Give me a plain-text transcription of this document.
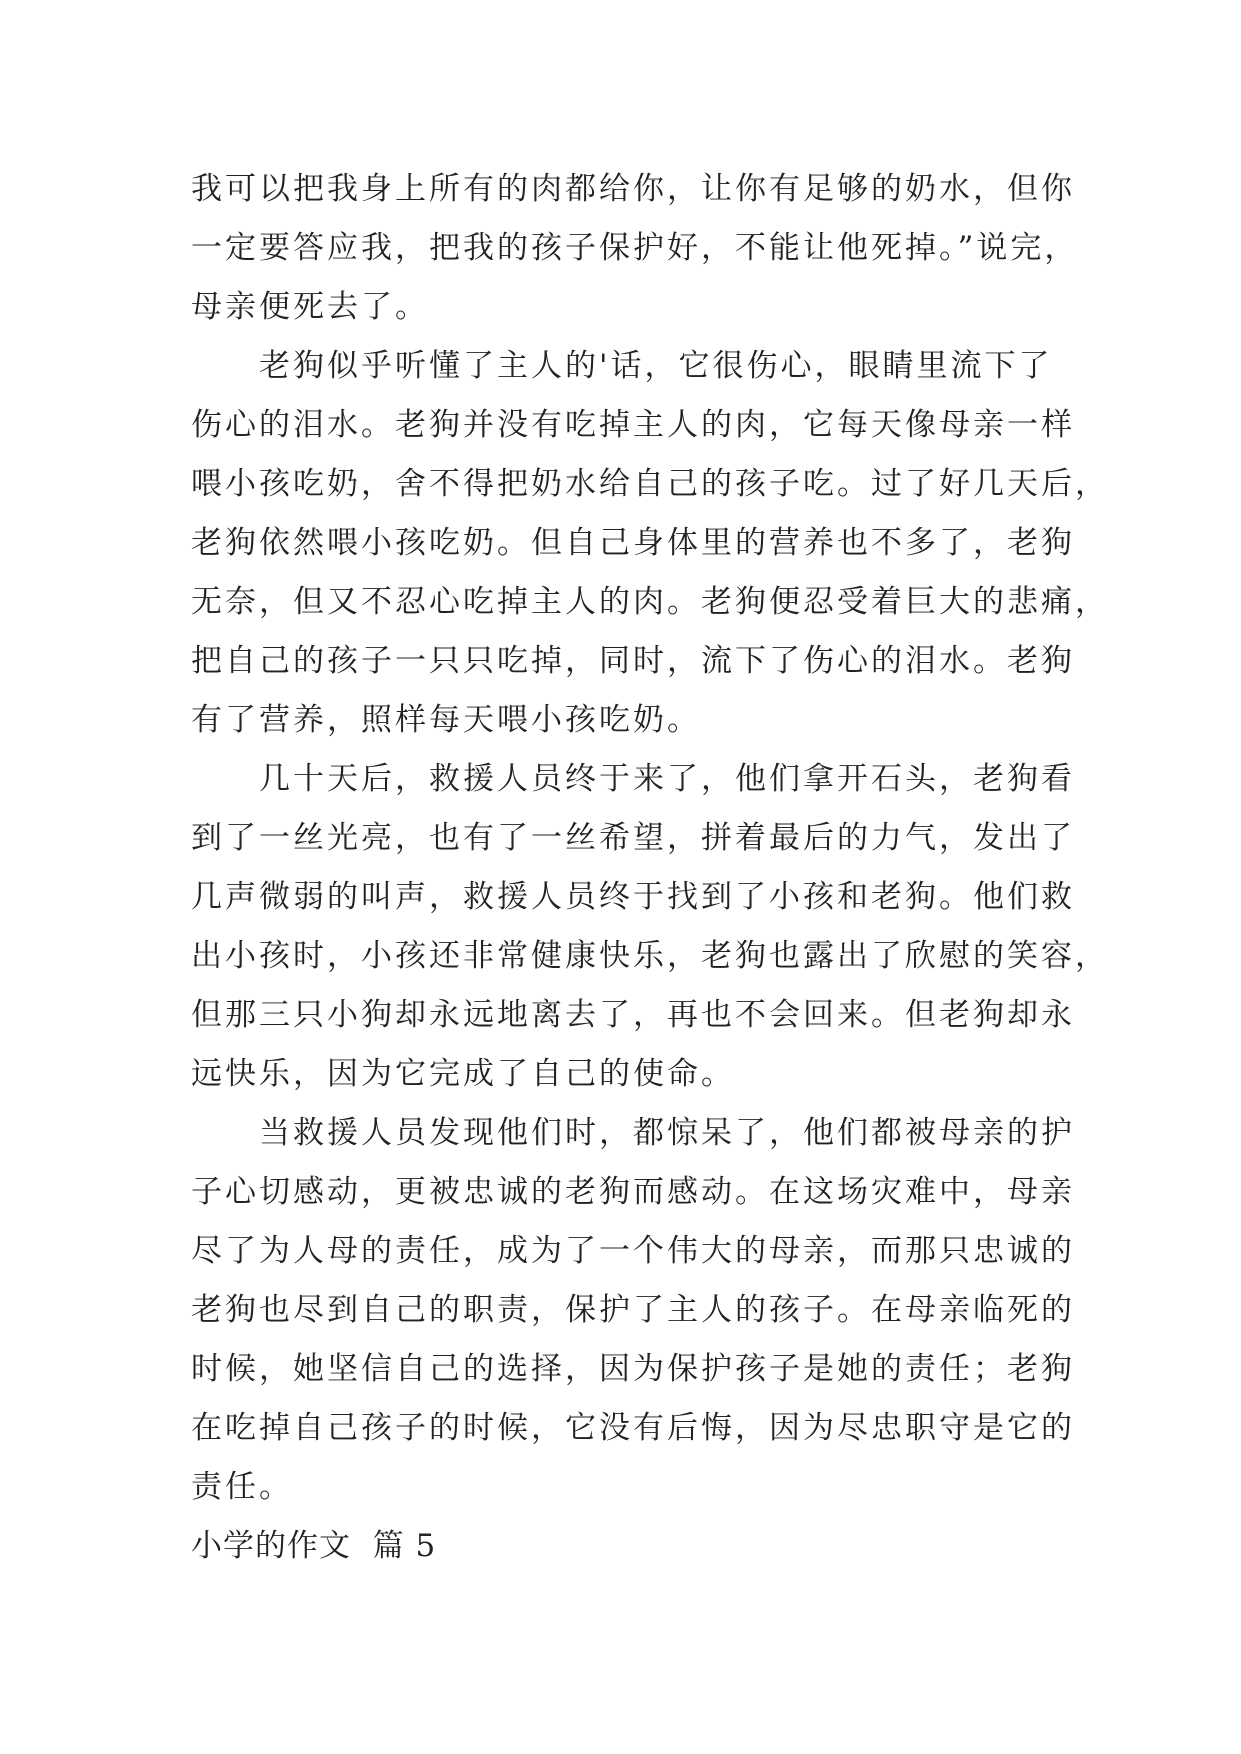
我可以把我身上所有的肉都给你，让你有足够的奶水，但你
一定要答应我，把我的孩子保护好，不能让他死掉。”说完，
母亲便死去了。
老狗似乎听懂了主人的'话，它很伤心，眼睛里流下了
伤心的泪水。老狗并没有吃掉主人的肉，它每天像母亲一样
喂小孩吃奶，舍不得把奶水给自己的孩子吃。过了好几天后，
老狗依然喂小孩吃奶。但自己身体里的营养也不多了，老狗
无奈，但又不忍心吃掉主人的肉。老狗便忍受着巨大的悲痛，
把自己的孩子一只只吃掉，同时，流下了伤心的泪水。老狗
有了营养，照样每天喂小孩吃奶。
几十天后，救援人员终于来了，他们拿开石头，老狗看
到了一丝光亮，也有了一丝希望，拼着最后的力气，发出了
几声微弱的叫声，救援人员终于找到了小孩和老狗。他们救
出小孩时，小孩还非常健康快乐，老狗也露出了欣慰的笑容，
但那三只小狗却永远地离去了，再也不会回来。但老狗却永
远快乐，因为它完成了自己的使命。
当救援人员发现他们时，都惊呆了，他们都被母亲的护
子心切感动，更被忠诚的老狗而感动。在这场灾难中，母亲
尽了为人母的责任，成为了一个伟大的母亲，而那只忠诚的
老狗也尽到自己的职责，保护了主人的孩子。在母亲临死的
时候，她坚信自己的选择，因为保护孩子是她的责任；老狗
在吃掉自己孩子的时候，它没有后悔，因为尽忠职守是它的
责任。
小学的作文  篇 5
